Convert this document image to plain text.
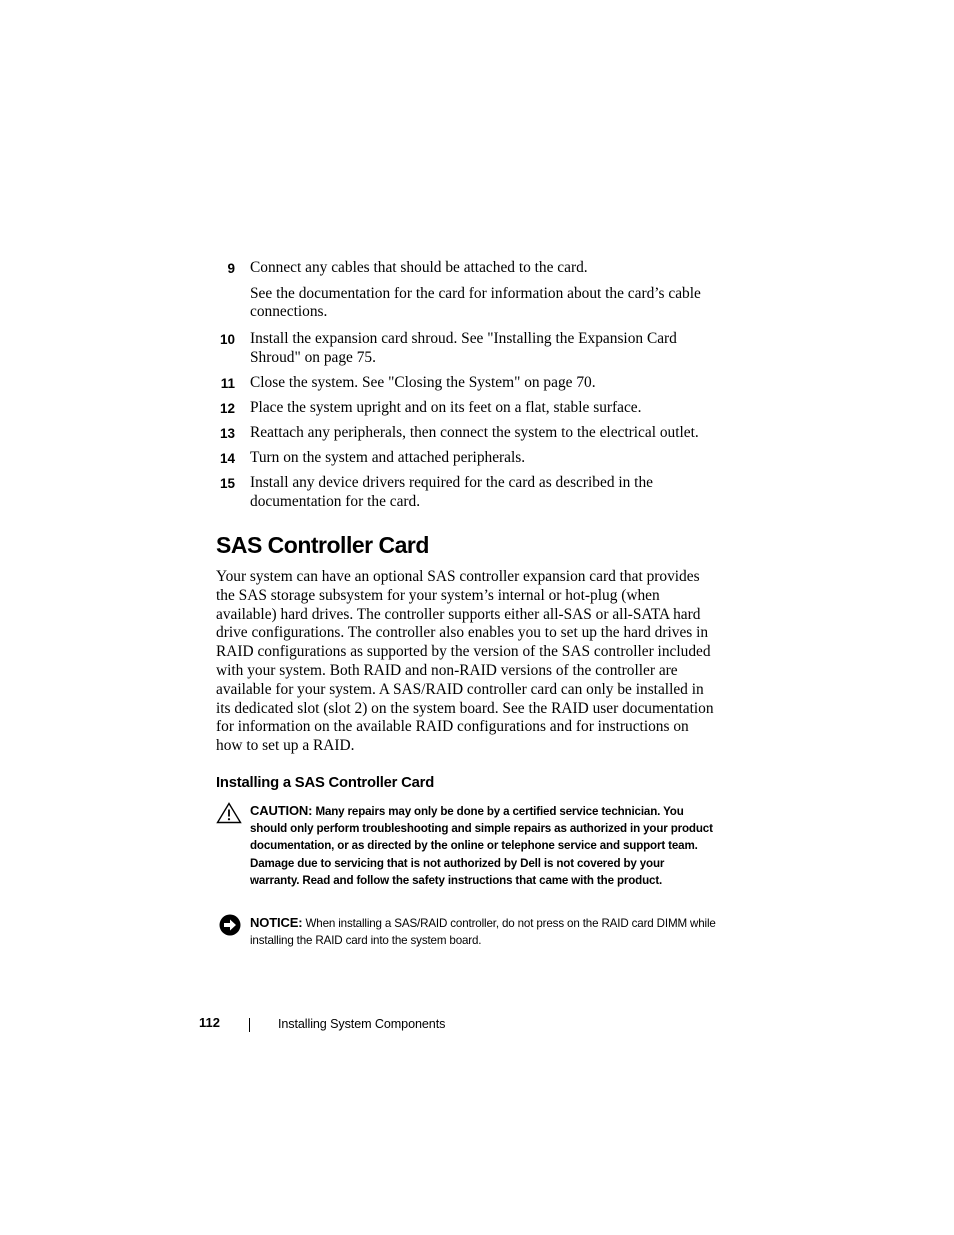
9 Connect any cables that should be attached to the card.
See the documentation for the card for information about the card’s cable connections.
10 Install the expansion card shroud. See "Installing the Expansion Card Shroud" on page 75.
11 Close the system. See "Closing the System" on page 70.
12 Place the system upright and on its feet on a flat, stable surface.
13 Reattach any peripherals, then connect the system to the electrical outlet.
14 Turn on the system and attached peripherals.
15 Install any device drivers required for the card as described in the documentation for the card.
SAS Controller Card

Your system can have an optional SAS controller expansion card that provides the SAS storage subsystem for your system’s internal or hot-plug (when available) hard drives. The controller supports either all-SAS or all-SATA hard drive configurations. The controller also enables you to set up the hard drives in RAID configurations as supported by the version of the SAS controller included with your system. Both RAID and non-RAID versions of the controller are available for your system. A SAS/RAID controller card can only be installed in its dedicated slot (slot 2) on the system board. See the RAID user documentation for information on the available RAID configurations and for instructions on how to set up a RAID.

Installing a SAS Controller Card
CAUTION: Many repairs may only be done by a certified service technician. You should only perform troubleshooting and simple repairs as authorized in your product documentation, or as directed by the online or telephone service and support team. Damage due to servicing that is not authorized by Dell is not covered by your warranty. Read and follow the safety instructions that came with the product.
NOTICE: When installing a SAS/RAID controller, do not press on the RAID card DIMM while installing the RAID card into the system board.
112	Installing System Components
